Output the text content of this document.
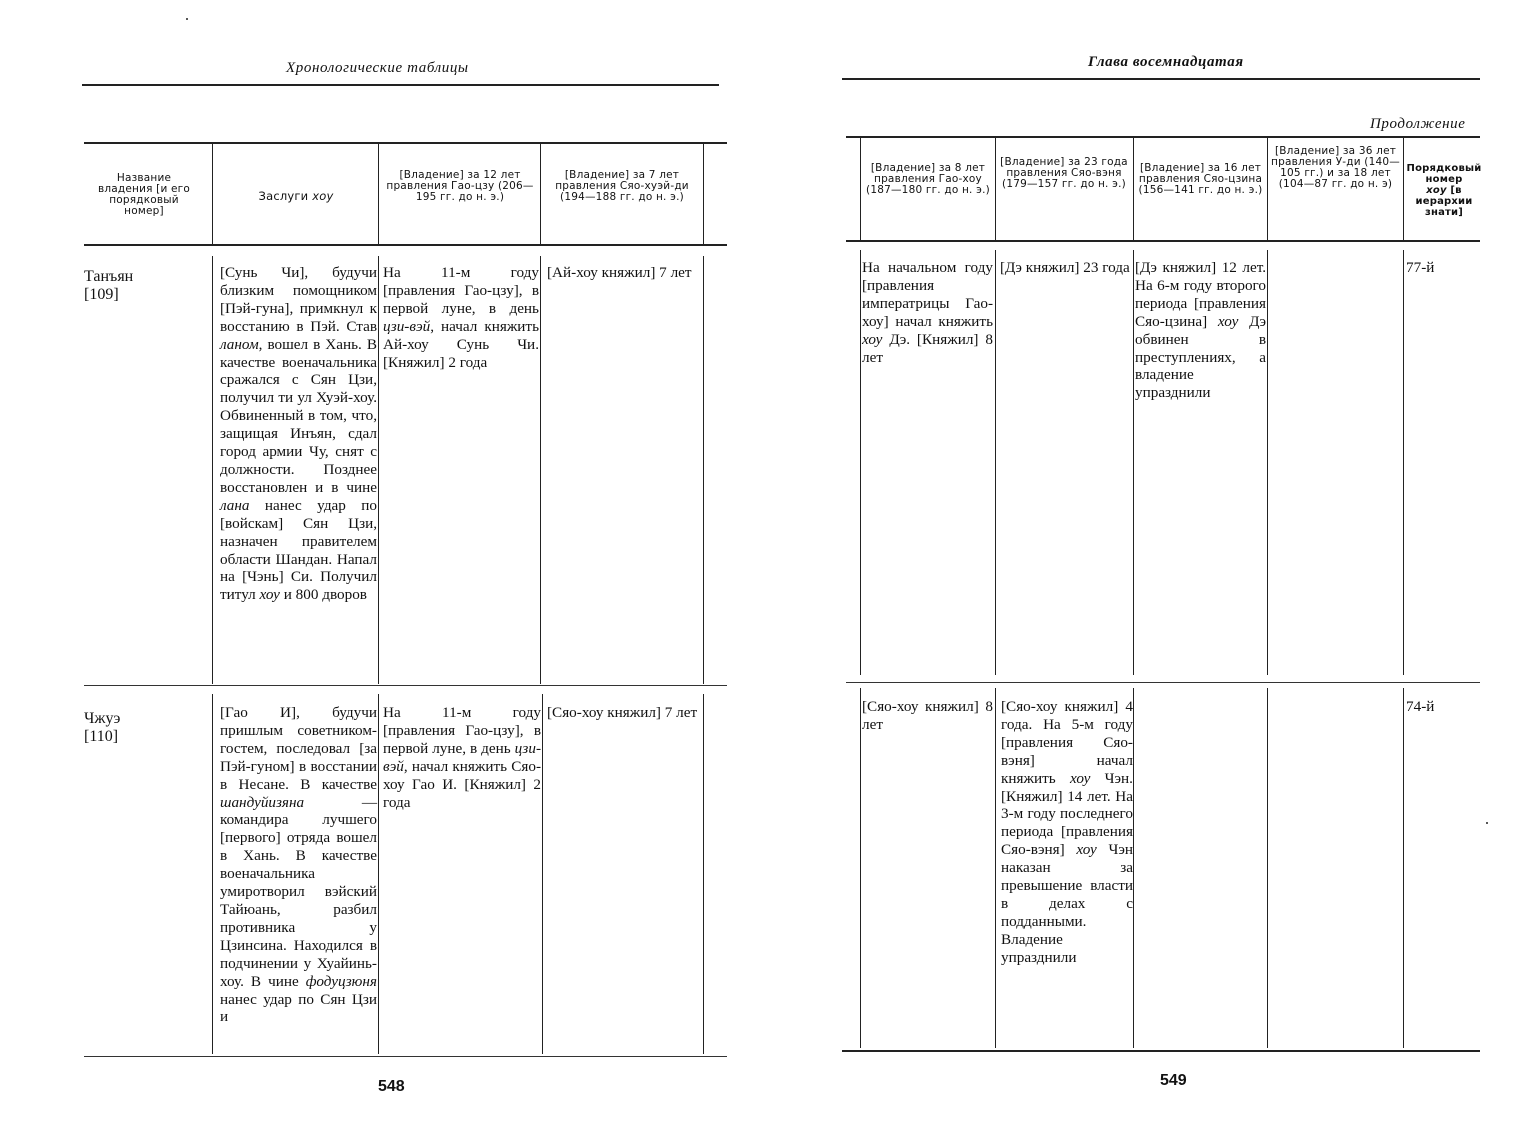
Хронологические таблицы
Название владения [и его порядковый номер]
Заслуги хоу
[Владение] за 12 лет правления Гао-цзу (206—195 гг. до н. э.)
[Владение] за 7 лет правления Сяо-хуэй-ди (194—188 гг. до н. э.)
Танъян
[109]
[Сунь Чи], будучи близким помощником [Пэй-гуна], примкнул к восстанию в Пэй. Став ланом, вошел в Хань. В качестве военачальника сражался с Сян Цзи, получил ти ул Хуэй-хоу. Обвиненный в том, что, защищая Инъян, сдал город армии Чу, снят с должности. Позднее восстановлен и в чине лана нанес удар по [войскам] Сян Цзи, назначен правителем области Шандан. Напал на [Чэнь] Си. Получил титул хоу и 800 дворов
На 11-м году [правления Гао-цзу], в первой луне, в день цзи-вэй, начал княжить Ай-хоу Сунь Чи. [Княжил] 2 года
[Ай-хоу княжил] 7 лет
Чжуэ
[110]
[Гао И], будучи пришлым советником-гостем, последовал [за Пэй-гуном] в восстании в Несане. В качестве шандуйизяна — командира лучшего [первого] отряда вошел в Хань. В качестве военачальника умиротворил вэйский Тайюань, разбил противника у Цзинсина. Находился в подчинении у Хуайинь-хоу. В чине фодуцзюня нанес удар по Сян Цзи и
На 11-м году [правления Гао-цзу], в первой луне, в день цзи-вэй, начал княжить Сяо-хоу Гао И. [Княжил] 2 года
[Сяо-хоу княжил] 7 лет
548
Глава восемнадцатая
Продолжение
[Владение] за 8 лет правления Гао-хоу (187—180 гг. до н. э.)
[Владение] за 23 года правления Сяо-вэня (179—157 гг. до н. э.)
[Владение] за 16 лет правления Сяо-цзина (156—141 гг. до н. э.)
[Владение] за 36 лет правления У-ди (140—105 гг.) и за 18 лет (104—87 гг. до н. э)
Порядковый номер
хоу [в иерархии знати]
На начальном году [правления императрицы Гао-хоу] начал княжить хоу Дэ. [Княжил] 8 лет
[Дэ княжил] 23 года [Дэ княжил] 12 лет. На 6-м году второго периода [правления Сяо-цзина] хоу Дэ обвинен в преступлениях, а владение упразднили
77-й
[Сяо-хоу княжил] 8 лет
[Сяо-хоу княжил] 4 года. На 5-м году [правления Сяо-вэня] начал княжить хоу Чэн. [Княжил] 14 лет. На 3-м году последнего периода [правления Сяо-вэня] хоу Чэн наказан за превышение власти в делах с подданными. Владение упразднили
74-й
549
